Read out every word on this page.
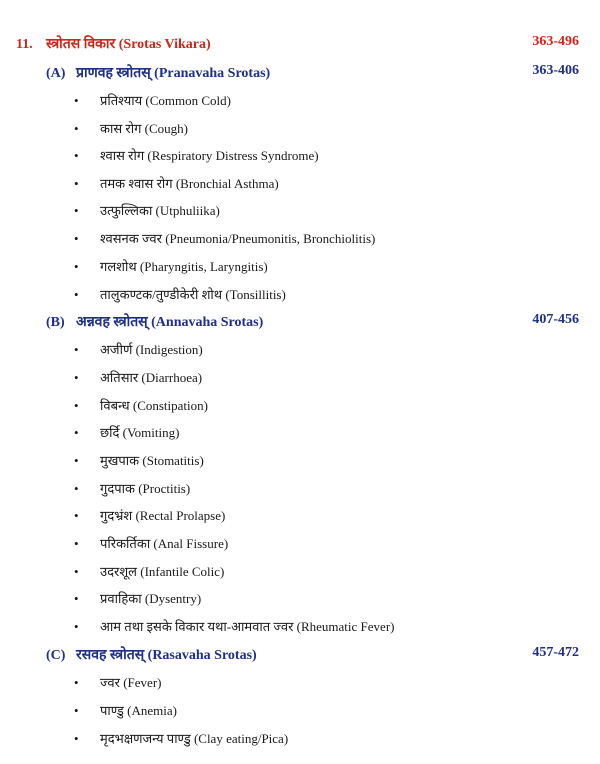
11. स्त्रोतस विकार (Srotas Vikara)	363-496
(A) प्राणवह स्त्रोतस् (Pranavaha Srotas)	363-406
• प्रतिश्याय (Common Cold)
• कास रोग (Cough)
• श्वास रोग (Respiratory Distress Syndrome)
• तमक श्वास रोग (Bronchial Asthma)
• उत्फुल्लिका (Utphuliika)
• श्वसनक ज्वर (Pneumonia/Pneumonitis, Bronchiolitis)
• गलशोथ (Pharyngitis, Laryngitis)
• तालुकण्टक/तुण्डीकेरी शोथ (Tonsillitis)
(B) अन्नवह स्त्रोतस् (Annavaha Srotas)	407-456
• अजीर्ण (Indigestion)
• अतिसार (Diarrhoea)
• विबन्ध (Constipation)
• छर्दि (Vomiting)
• मुखपाक (Stomatitis)
• गुदपाक (Proctitis)
• गुदभ्रंश (Rectal Prolapse)
• परिकर्तिका (Anal Fissure)
• उदरशूल (Infantile Colic)
• प्रवाहिका (Dysentry)
• आम तथा इसके विकार यथा-आमवात ज्वर (Rheumatic Fever)
(C) रसवह स्त्रोतस् (Rasavaha Srotas)	457-472
• ज्वर (Fever)
• पाण्डु (Anemia)
• मृदभक्षणजन्य पाण्डु (Clay eating/Pica)
